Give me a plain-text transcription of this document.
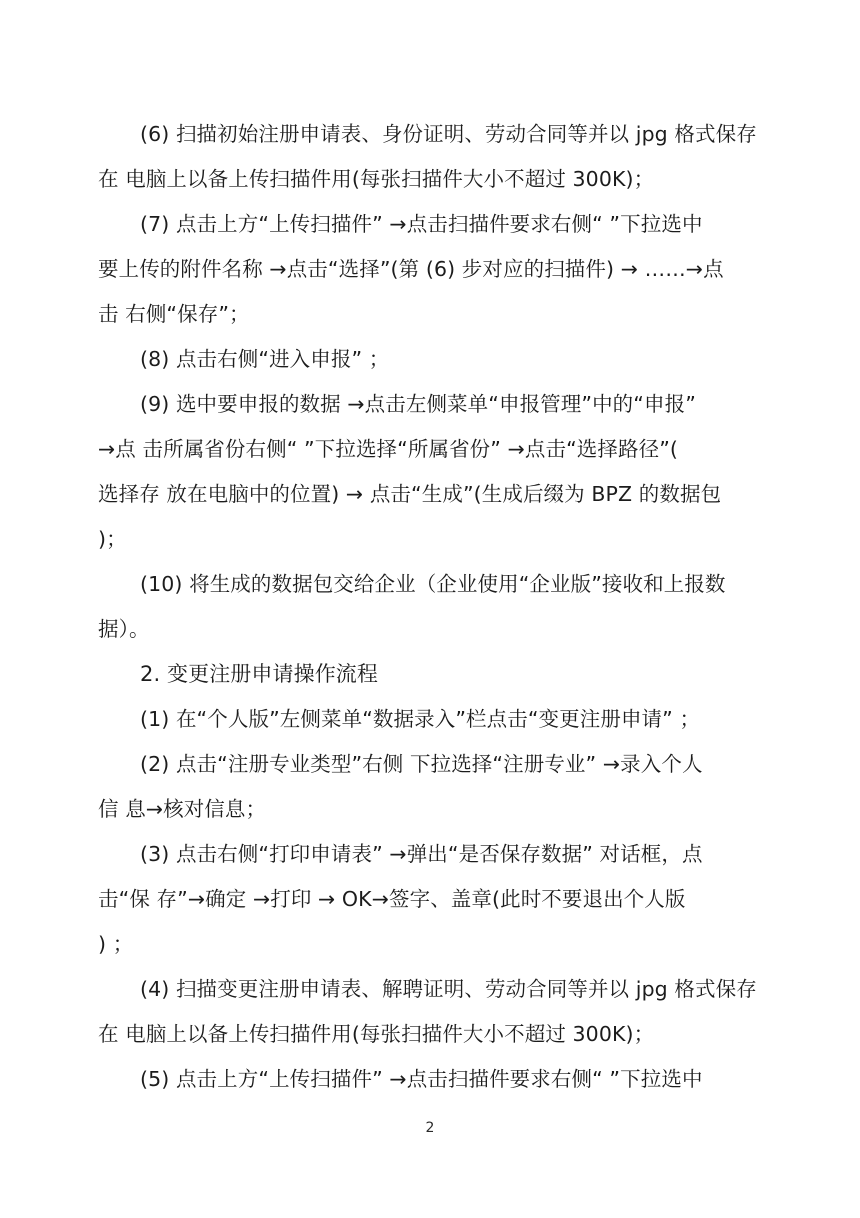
(6) 扫描初始注册申请表、身份证明、劳动合同等并以 jpg 格式保存
在 电脑上以备上传扫描件用(每张扫描件大小不超过 300K)；
(7) 点击上方“上传扫描件” →点击扫描件要求右侧“ ”下拉选中
要上传的附件名称 →点击“选择”(第 (6) 步对应的扫描件) → ……→点
击 右侧“保存”；
(8) 点击右侧“进入申报” ；
(9) 选中要申报的数据 →点击左侧菜单“申报管理”中的“申报”
→点 击所属省份右侧“ ”下拉选择“所属省份” →点击“选择路径”(
选择存 放在电脑中的位置) → 点击“生成”(生成后缀为 BPZ 的数据包
)；
(10) 将生成的数据包交给企业（企业使用“企业版”接收和上报数
据）。
2. 变更注册申请操作流程
(1) 在“个人版”左侧菜单“数据录入”栏点击“变更注册申请” ；
(2) 点击“注册专业类型”右侧 下拉选择“注册专业” →录入个人
信 息→核对信息；
(3) 点击右侧“打印申请表” →弹出“是否保存数据” 对话框，点
击“保 存”→确定 →打印 → OK→签字、盖章(此时不要退出个人版
) ；
(4) 扫描变更注册申请表、解聘证明、劳动合同等并以 jpg 格式保存
在 电脑上以备上传扫描件用(每张扫描件大小不超过 300K)；
(5) 点击上方“上传扫描件” →点击扫描件要求右侧“ ”下拉选中
2
